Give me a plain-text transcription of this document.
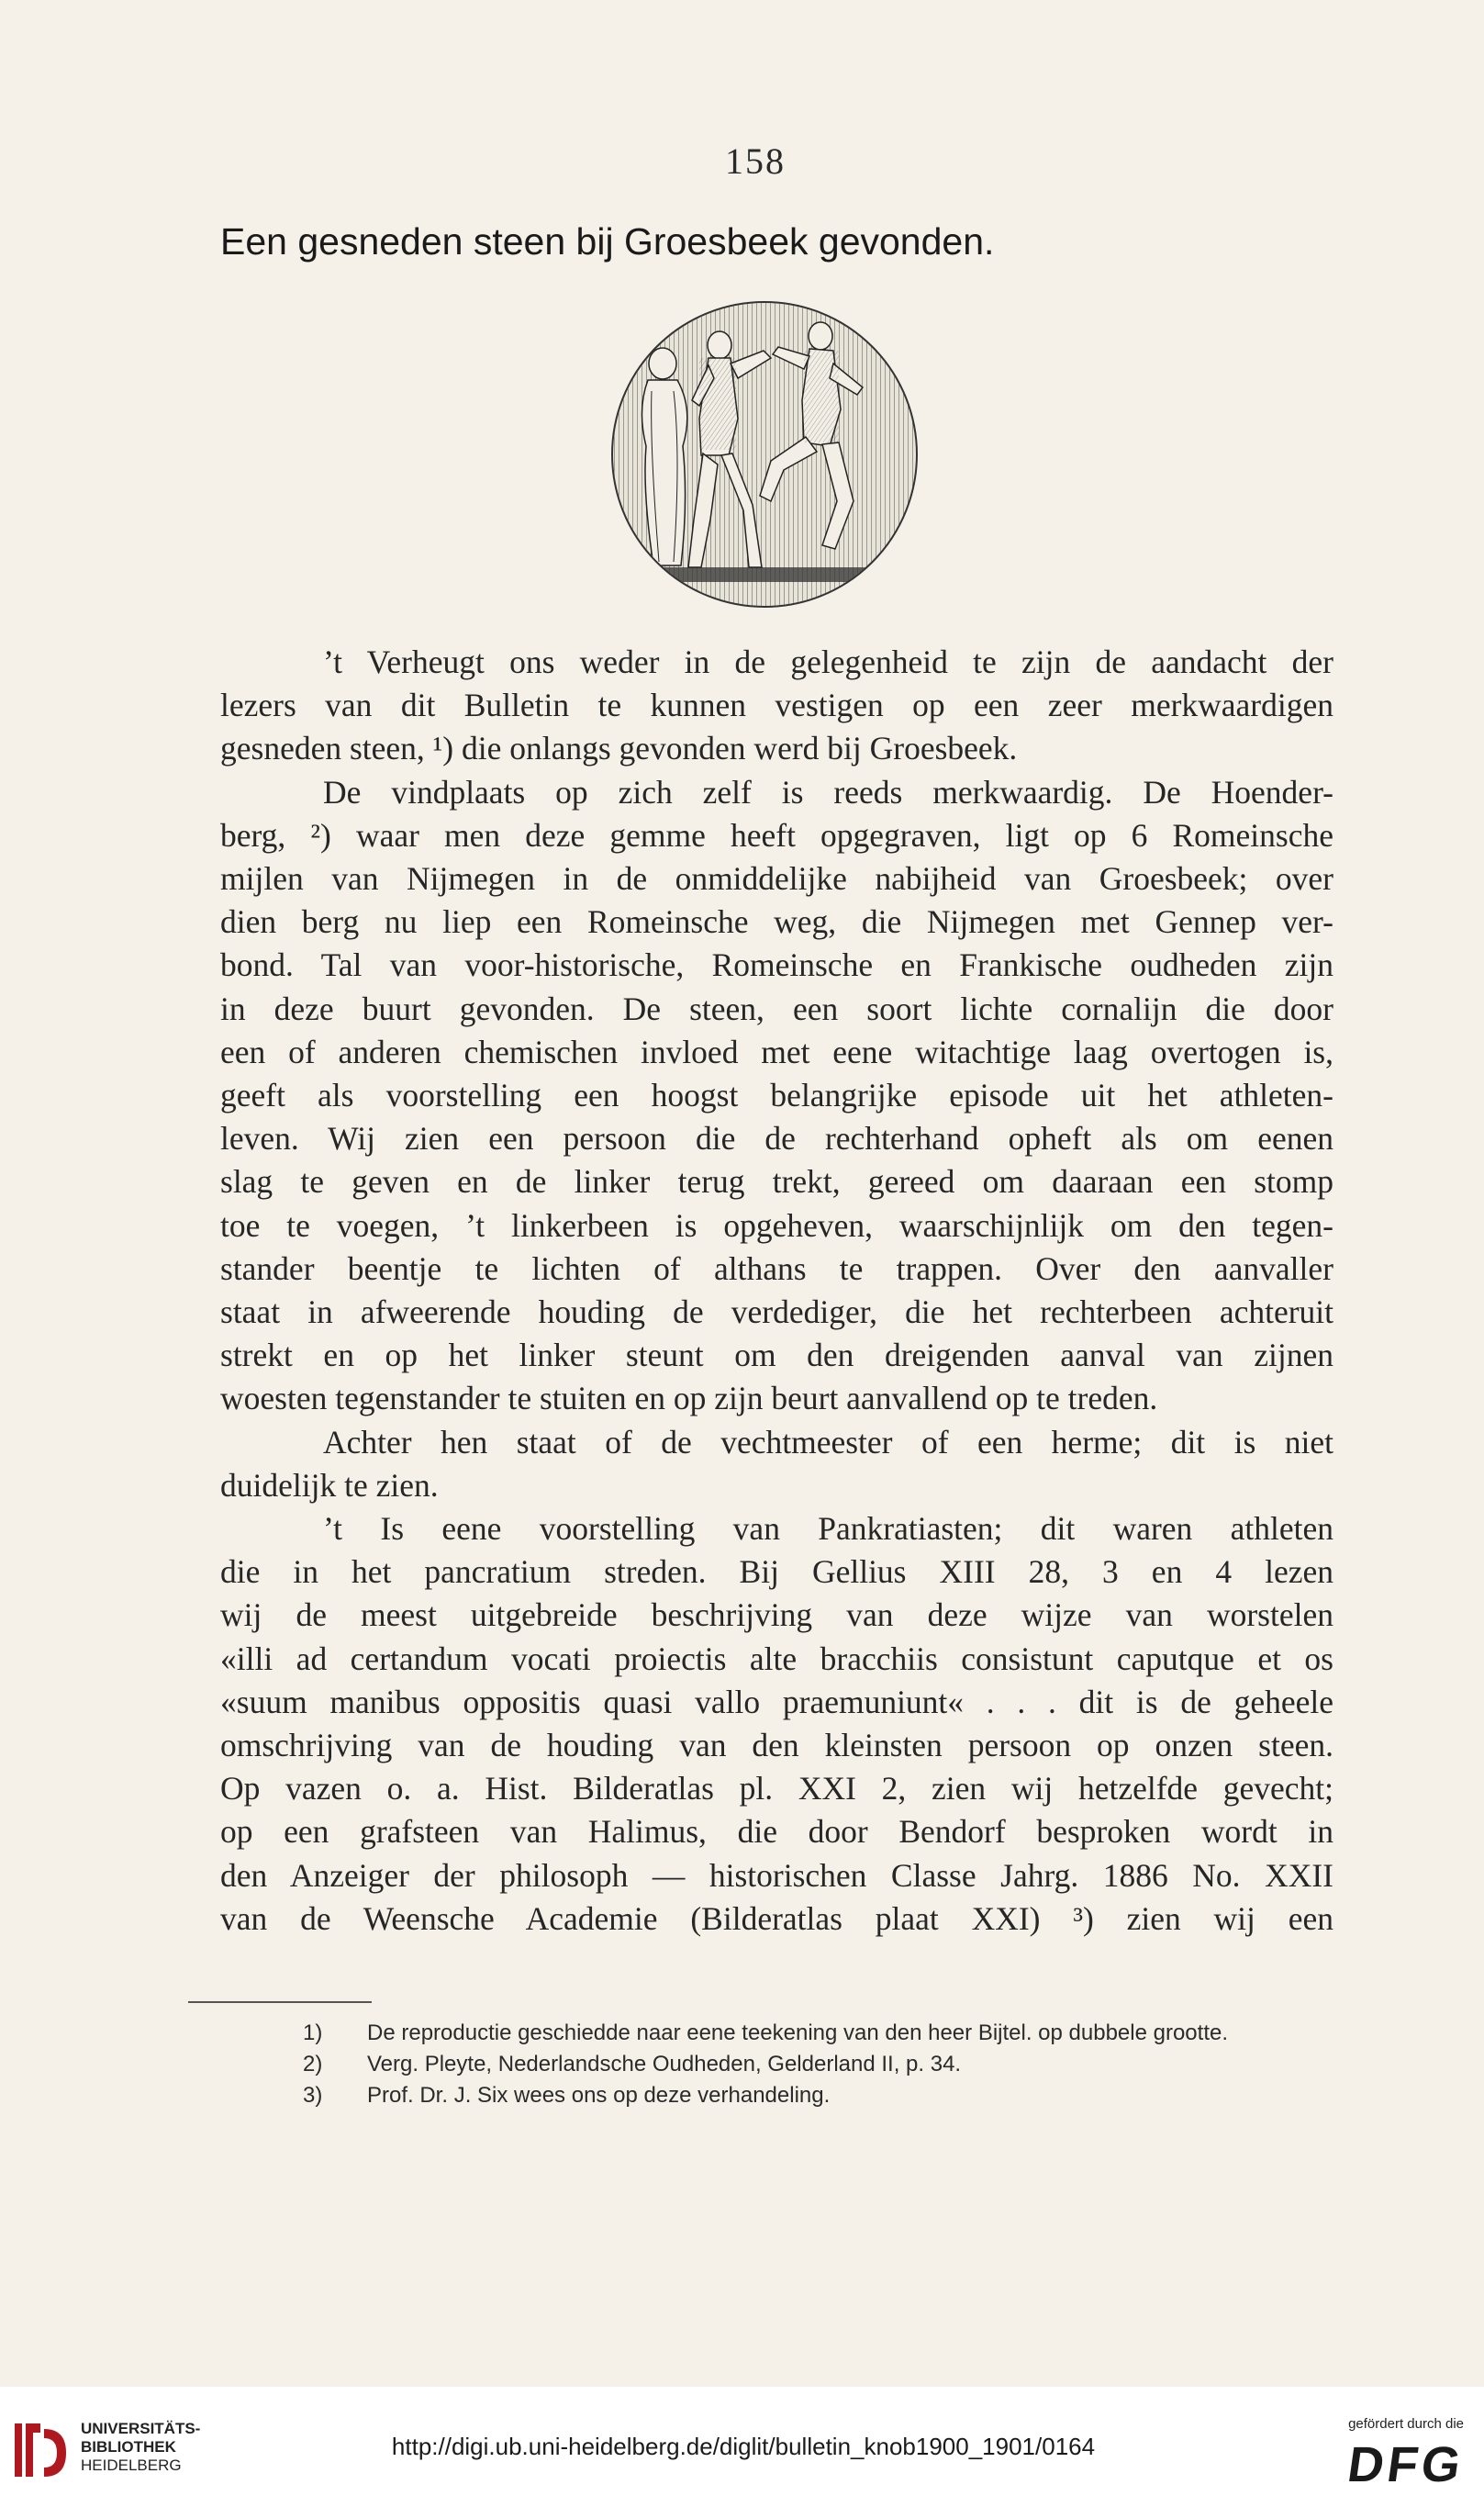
158
Een gesneden steen bij Groesbeek gevonden.

’t Verheugt ons weder in de gelegenheid te zijn de aandacht der
lezers van dit Bulletin te kunnen vestigen op een zeer merkwaardigen
gesneden steen, ¹) die onlangs gevonden werd bij Groesbeek.

De vindplaats op zich zelf is reeds merkwaardig. De Hoender-
berg, ²) waar men deze gemme heeft opgegraven, ligt op 6 Romeinsche
mijlen van Nijmegen in de onmiddelijke nabijheid van Groesbeek; over
dien berg nu liep een Romeinsche weg, die Nijmegen met Gennep ver-
bond. Tal van voor-historische, Romeinsche en Frankische oudheden zijn
in deze buurt gevonden. De steen, een soort lichte cornalijn die door
een of anderen chemischen invloed met eene witachtige laag overtogen is,
geeft als voorstelling een hoogst belangrijke episode uit het athleten-
leven. Wij zien een persoon die de rechterhand opheft als om eenen
slag te geven en de linker terug trekt, gereed om daaraan een stomp
toe te voegen, ’t linkerbeen is opgeheven, waarschijnlijk om den tegen-
stander beentje te lichten of althans te trappen. Over den aanvaller
staat in afweerende houding de verdediger, die het rechterbeen achteruit
strekt en op het linker steunt om den dreigenden aanval van zijnen
woesten tegenstander te stuiten en op zijn beurt aanvallend op te treden.

Achter hen staat of de vechtmeester of een herme; dit is niet
duidelijk te zien.

’t Is eene voorstelling van Pankratiasten; dit waren athleten
die in het pancratium streden. Bij Gellius XIII 28, 3 en 4 lezen
wij de meest uitgebreide beschrijving van deze wijze van worstelen
«illi ad certandum vocati proiectis alte bracchiis consistunt caputque et os
«suum manibus oppositis quasi vallo praemuniunt« . . . dit is de geheele
omschrijving van de houding van den kleinsten persoon op onzen steen.
Op vazen o. a. Hist. Bilderatlas pl. XXI 2, zien wij hetzelfde gevecht;
op een grafsteen van Halimus, die door Bendorf besproken wordt in
den Anzeiger der philosoph — historischen Classe Jahrg. 1886 No. XXII
van de Weensche Academie (Bilderatlas plaat XXI) ³) zien wij een

1) De reproductie geschiedde naar eene teekening van den heer Bijtel. op dubbele grootte.
2) Verg. Pleyte, Nederlandsche Oudheden, Gelderland II, p. 34.
3) Prof. Dr. J. Six wees ons op deze verhandeling.
UNIVERSITÄTS-
BIBLIOTHEK
HEIDELBERG
http://digi.ub.uni-heidelberg.de/diglit/bulletin_knob1900_1901/0164
gefördert durch die
DFG
